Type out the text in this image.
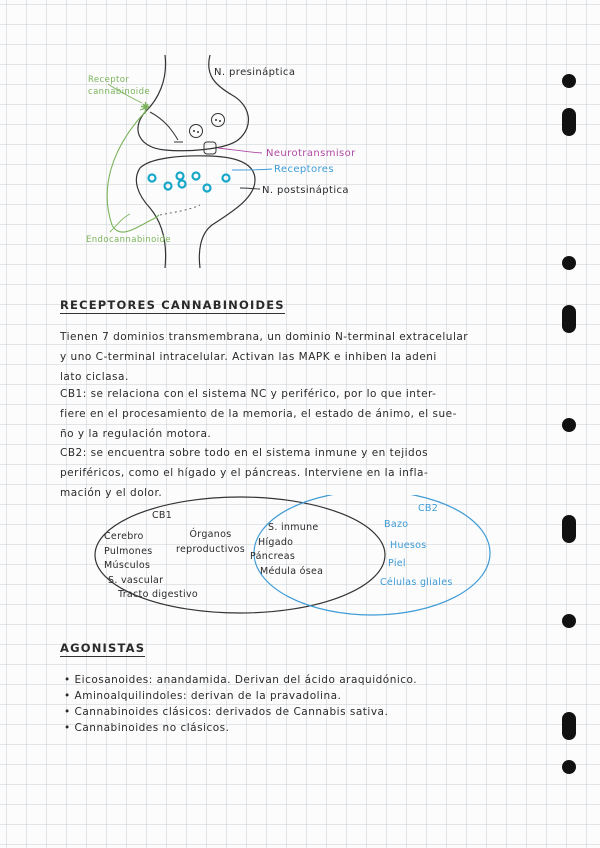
N. presináptica
N. postsináptica
Neurotransmisor
Receptores
Receptor cannabinoide
Endocannabinoide
RECEPTORES CANNABINOIDES
Tienen 7 dominios transmembrana, un dominio N-terminal extracelular
y uno C-terminal intracelular. Activan las MAPK e inhiben la adeni
lato ciclasa.
CB1: se relaciona con el sistema NC y periférico, por lo que inter-
fiere en el procesamiento de la memoria, el estado de ánimo, el sue-
ño y la regulación motora.
CB2: se encuentra sobre todo en el sistema inmune y en tejidos
periféricos, como el hígado y el páncreas. Interviene en la infla-
mación y el dolor.
CB1
CB2
Cerebro
Pulmones
Músculos
S. vascular
Tracto digestivo
Órganos
reproductivos
S. inmune
Hígado
Páncreas
Médula ósea
Bazo
Huesos
Piel
Células gliales
AGONISTAS
• Eicosanoides: anandamida. Derivan del ácido araquidónico.
• Aminoalquilindoles: derivan de la pravadolina.
• Cannabinoides clásicos: derivados de Cannabis sativa.
• Cannabinoides no clásicos.
